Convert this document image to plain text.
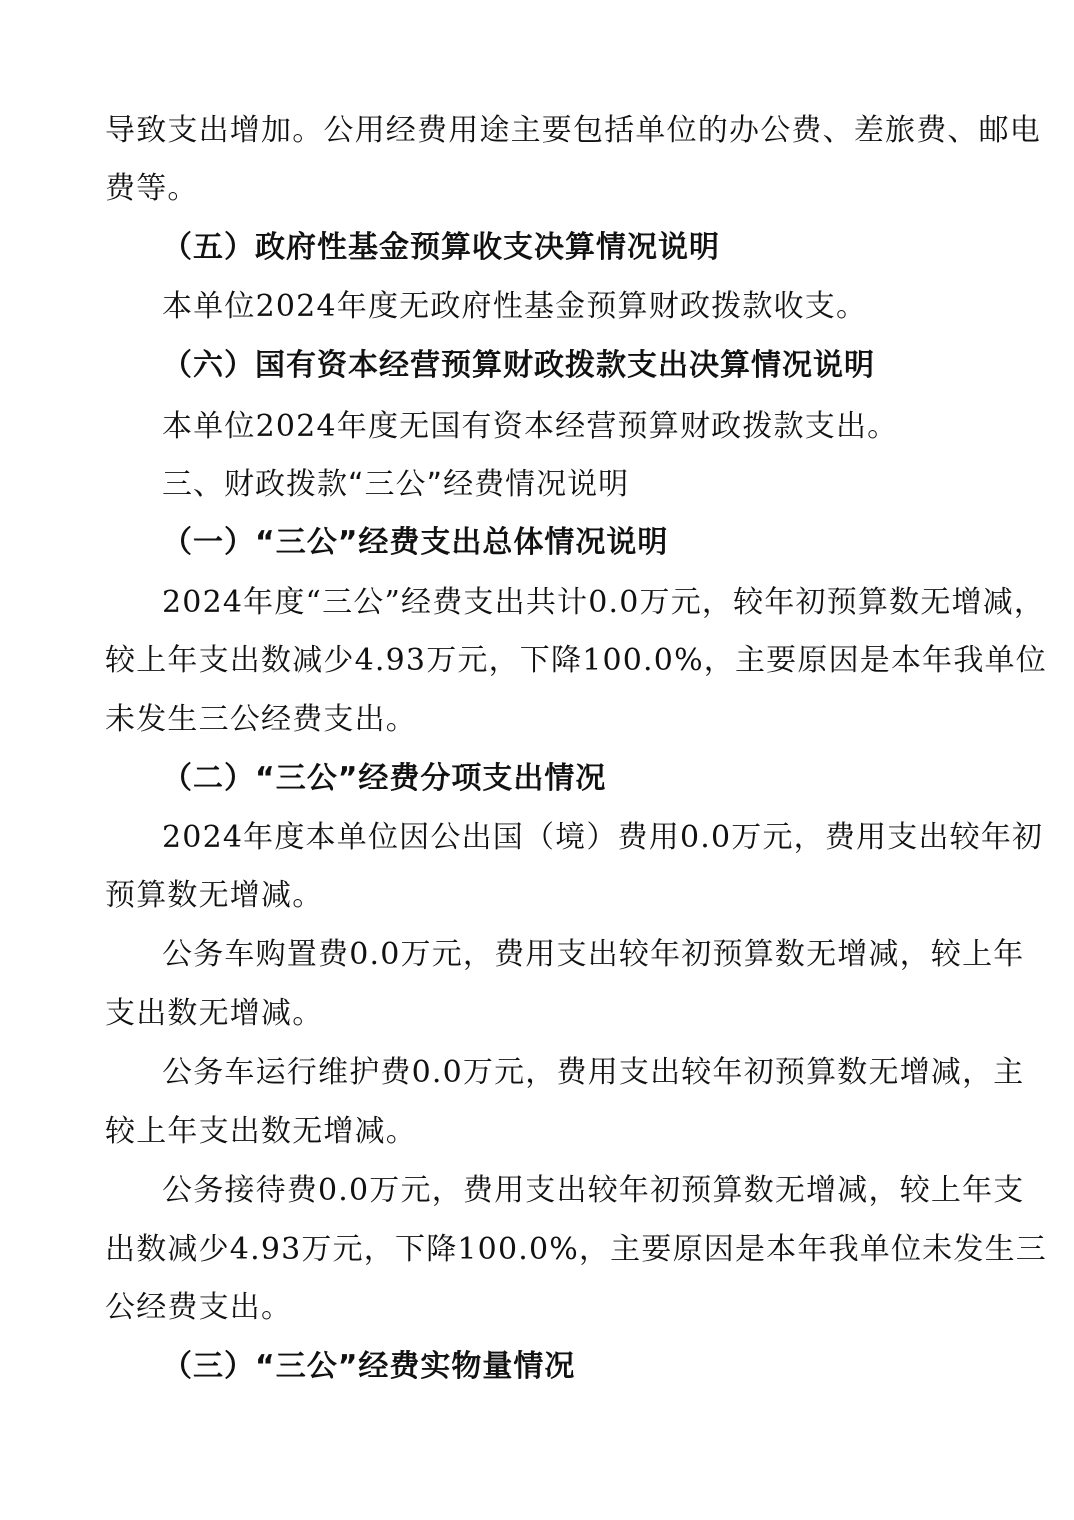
导致支出增加。公用经费用途主要包括单位的办公费、差旅费、邮电
费等。
（五）政府性基金预算收支决算情况说明
本单位2024年度无政府性基金预算财政拨款收支。
（六）国有资本经营预算财政拨款支出决算情况说明
本单位2024年度无国有资本经营预算财政拨款支出。
三、财政拨款“三公”经费情况说明
（一）“三公”经费支出总体情况说明
2024年度“三公”经费支出共计0.0万元，较年初预算数无增减，
较上年支出数减少4.93万元，下降100.0%，主要原因是本年我单位
未发生三公经费支出。
（二）“三公”经费分项支出情况
2024年度本单位因公出国（境）费用0.0万元，费用支出较年初
预算数无增减。
公务车购置费0.0万元，费用支出较年初预算数无增减，较上年
支出数无增减。
公务车运行维护费0.0万元，费用支出较年初预算数无增减，主
较上年支出数无增减。
公务接待费0.0万元，费用支出较年初预算数无增减，较上年支
出数减少4.93万元，下降100.0%，主要原因是本年我单位未发生三
公经费支出。
（三）“三公”经费实物量情况
